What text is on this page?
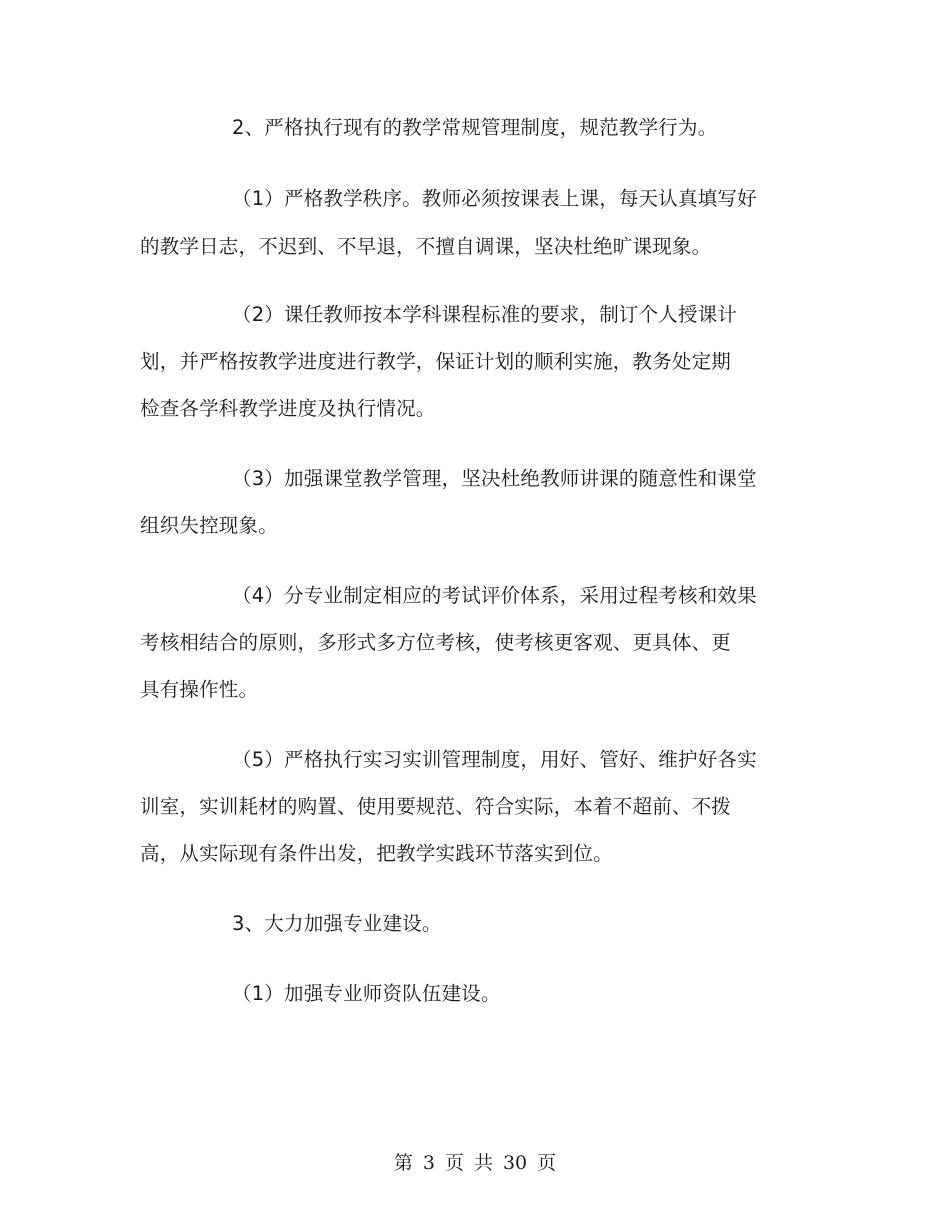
2、严格执行现有的教学常规管理制度，规范教学行为。
（1）严格教学秩序。教师必须按课表上课，每天认真填写好
的教学日志，不迟到、不早退，不擅自调课，坚决杜绝旷课现象。
（2）课任教师按本学科课程标准的要求，制订个人授课计
划，并严格按教学进度进行教学，保证计划的顺利实施，教务处定期
检查各学科教学进度及执行情况。
（3）加强课堂教学管理，坚决杜绝教师讲课的随意性和课堂
组织失控现象。
（4）分专业制定相应的考试评价体系，采用过程考核和效果
考核相结合的原则，多形式多方位考核，使考核更客观、更具体、更
具有操作性。
（5）严格执行实习实训管理制度，用好、管好、维护好各实
训室，实训耗材的购置、使用要规范、符合实际，本着不超前、不拨
高，从实际现有条件出发，把教学实践环节落实到位。
3、大力加强专业建设。
（1）加强专业师资队伍建设。
第 3 页 共 30 页
